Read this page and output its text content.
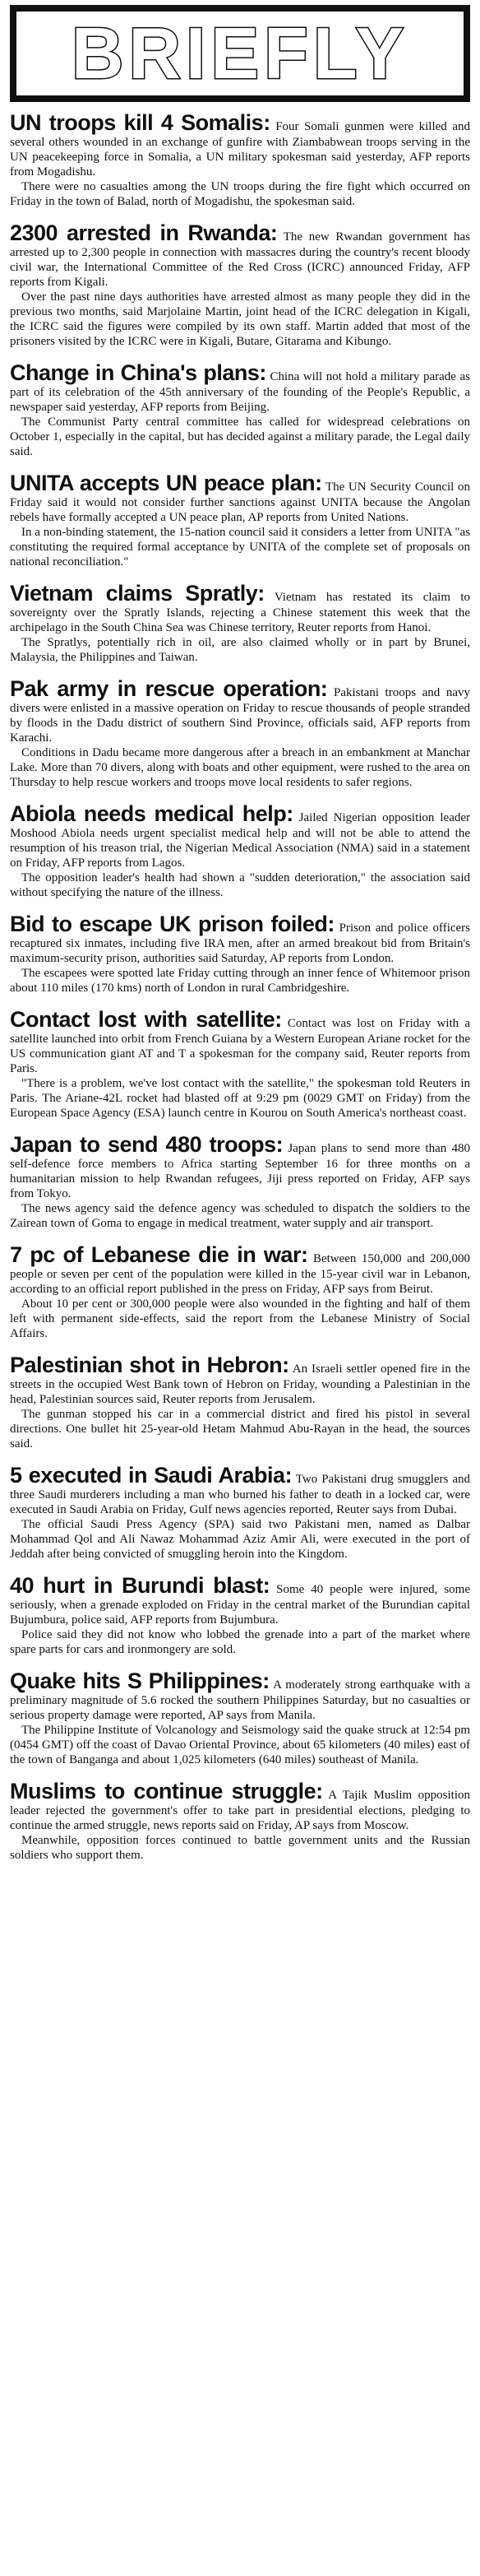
BRIEFLY

UN troops kill 4 Somalis: Four Somali gunmen were killed and several others wounded in an exchange of gunfire with Ziambabwean troops serving in the UN peacekeeping force in Somalia, a UN military spokesman said yesterday, AFP reports from Mogadishu.

There were no casualties among the UN troops during the fire fight which occurred on Friday in the town of Balad, north of Mogadishu, the spokesman said.

2300 arrested in Rwanda: The new Rwandan government has arrested up to 2,300 people in connection with massacres during the country's recent bloody civil war, the International Committee of the Red Cross (ICRC) announced Friday, AFP reports from Kigali.

Over the past nine days authorities have arrested almost as many people they did in the previous two months, said Marjolaine Martin, joint head of the ICRC delegation in Kigali, the ICRC said the figures were compiled by its own staff. Martin added that most of the prisoners visited by the ICRC were in Kigali, Butare, Gitarama and Kibungo.

Change in China's plans: China will not hold a military parade as part of its celebration of the 45th anniversary of the founding of the People's Republic, a newspaper said yesterday, AFP reports from Beijing.

The Communist Party central committee has called for widespread celebrations on October 1, especially in the capital, but has decided against a military parade, the Legal daily said.

UNITA accepts UN peace plan: The UN Security Council on Friday said it would not consider further sanctions against UNITA because the Angolan rebels have formally accepted a UN peace plan, AP reports from United Nations.

In a non-binding statement, the 15-nation council said it considers a letter from UNITA "as constituting the required formal acceptance by UNITA of the complete set of proposals on national reconciliation."

Vietnam claims Spratly: Vietnam has restated its claim to sovereignty over the Spratly Islands, rejecting a Chinese statement this week that the archipelago in the South China Sea was Chinese territory, Reuter reports from Hanoi.

The Spratlys, potentially rich in oil, are also claimed wholly or in part by Brunei, Malaysia, the Philippines and Taiwan.

Pak army in rescue operation: Pakistani troops and navy divers were enlisted in a massive operation on Friday to rescue thousands of people stranded by floods in the Dadu district of southern Sind Province, officials said, AFP reports from Karachi.

Conditions in Dadu became more dangerous after a breach in an embankment at Manchar Lake. More than 70 divers, along with boats and other equipment, were rushed to the area on Thursday to help rescue workers and troops move local residents to safer regions.

Abiola needs medical help: Jailed Nigerian opposition leader Moshood Abiola needs urgent specialist medical help and will not be able to attend the resumption of his treason trial, the Nigerian Medical Association (NMA) said in a statement on Friday, AFP reports from Lagos.

The opposition leader's health had shown a "sudden deterioration," the association said without specifying the nature of the illness.

Bid to escape UK prison foiled: Prison and police officers recaptured six inmates, including five IRA men, after an armed breakout bid from Britain's maximum-security prison, authorities said Saturday, AP reports from London.

The escapees were spotted late Friday cutting through an inner fence of Whitemoor prison about 110 miles (170 kms) north of London in rural Cambridgeshire.

Contact lost with satellite: Contact was lost on Friday with a satellite launched into orbit from French Guiana by a Western European Ariane rocket for the US communication giant AT and T a spokesman for the company said, Reuter reports from Paris.

"There is a problem, we've lost contact with the satellite," the spokesman told Reuters in Paris. The Ariane-42L rocket had blasted off at 9:29 pm (0029 GMT on Friday) from the European Space Agency (ESA) launch centre in Kourou on South America's northeast coast.

Japan to send 480 troops: Japan plans to send more than 480 self-defence force members to Africa starting September 16 for three months on a humanitarian mission to help Rwandan refugees, Jiji press reported on Friday, AFP says from Tokyo.

The news agency said the defence agency was scheduled to dispatch the soldiers to the Zairean town of Goma to engage in medical treatment, water supply and air transport.

7 pc of Lebanese die in war: Between 150,000 and 200,000 people or seven per cent of the population were killed in the 15-year civil war in Lebanon, according to an official report published in the press on Friday, AFP says from Beirut.

About 10 per cent or 300,000 people were also wounded in the fighting and half of them left with permanent side-effects, said the report from the Lebanese Ministry of Social Affairs.

Palestinian shot in Hebron: An Israeli settler opened fire in the streets in the occupied West Bank town of Hebron on Friday, wounding a Palestinian in the head, Palestinian sources said, Reuter reports from Jerusalem.

The gunman stopped his car in a commercial district and fired his pistol in several directions. One bullet hit 25-year-old Hetam Mahmud Abu-Rayan in the head, the sources said.

5 executed in Saudi Arabia: Two Pakistani drug smugglers and three Saudi murderers including a man who burned his father to death in a locked car, were executed in Saudi Arabia on Friday, Gulf news agencies reported, Reuter says from Dubai.

The official Saudi Press Agency (SPA) said two Pakistani men, named as Dalbar Mohammad Qol and Ali Nawaz Mohammad Aziz Amir Ali, were executed in the port of Jeddah after being convicted of smuggling heroin into the Kingdom.

40 hurt in Burundi blast: Some 40 people were injured, some seriously, when a grenade exploded on Friday in the central market of the Burundian capital Bujumbura, police said, AFP reports from Bujumbura.

Police said they did not know who lobbed the grenade into a part of the market where spare parts for cars and ironmongery are sold.

Quake hits S Philippines: A moderately strong earthquake with a preliminary magnitude of 5.6 rocked the southern Philippines Saturday, but no casualties or serious property damage were reported, AP says from Manila.

The Philippine Institute of Volcanology and Seismology said the quake struck at 12:54 pm (0454 GMT) off the coast of Davao Oriental Province, about 65 kilometers (40 miles) east of the town of Banganga and about 1,025 kilometers (640 miles) southeast of Manila.

Muslims to continue struggle: A Tajik Muslim opposition leader rejected the government's offer to take part in presidential elections, pledging to continue the armed struggle, news reports said on Friday, AP says from Moscow.

Meanwhile, opposition forces continued to battle government units and the Russian soldiers who support them.
